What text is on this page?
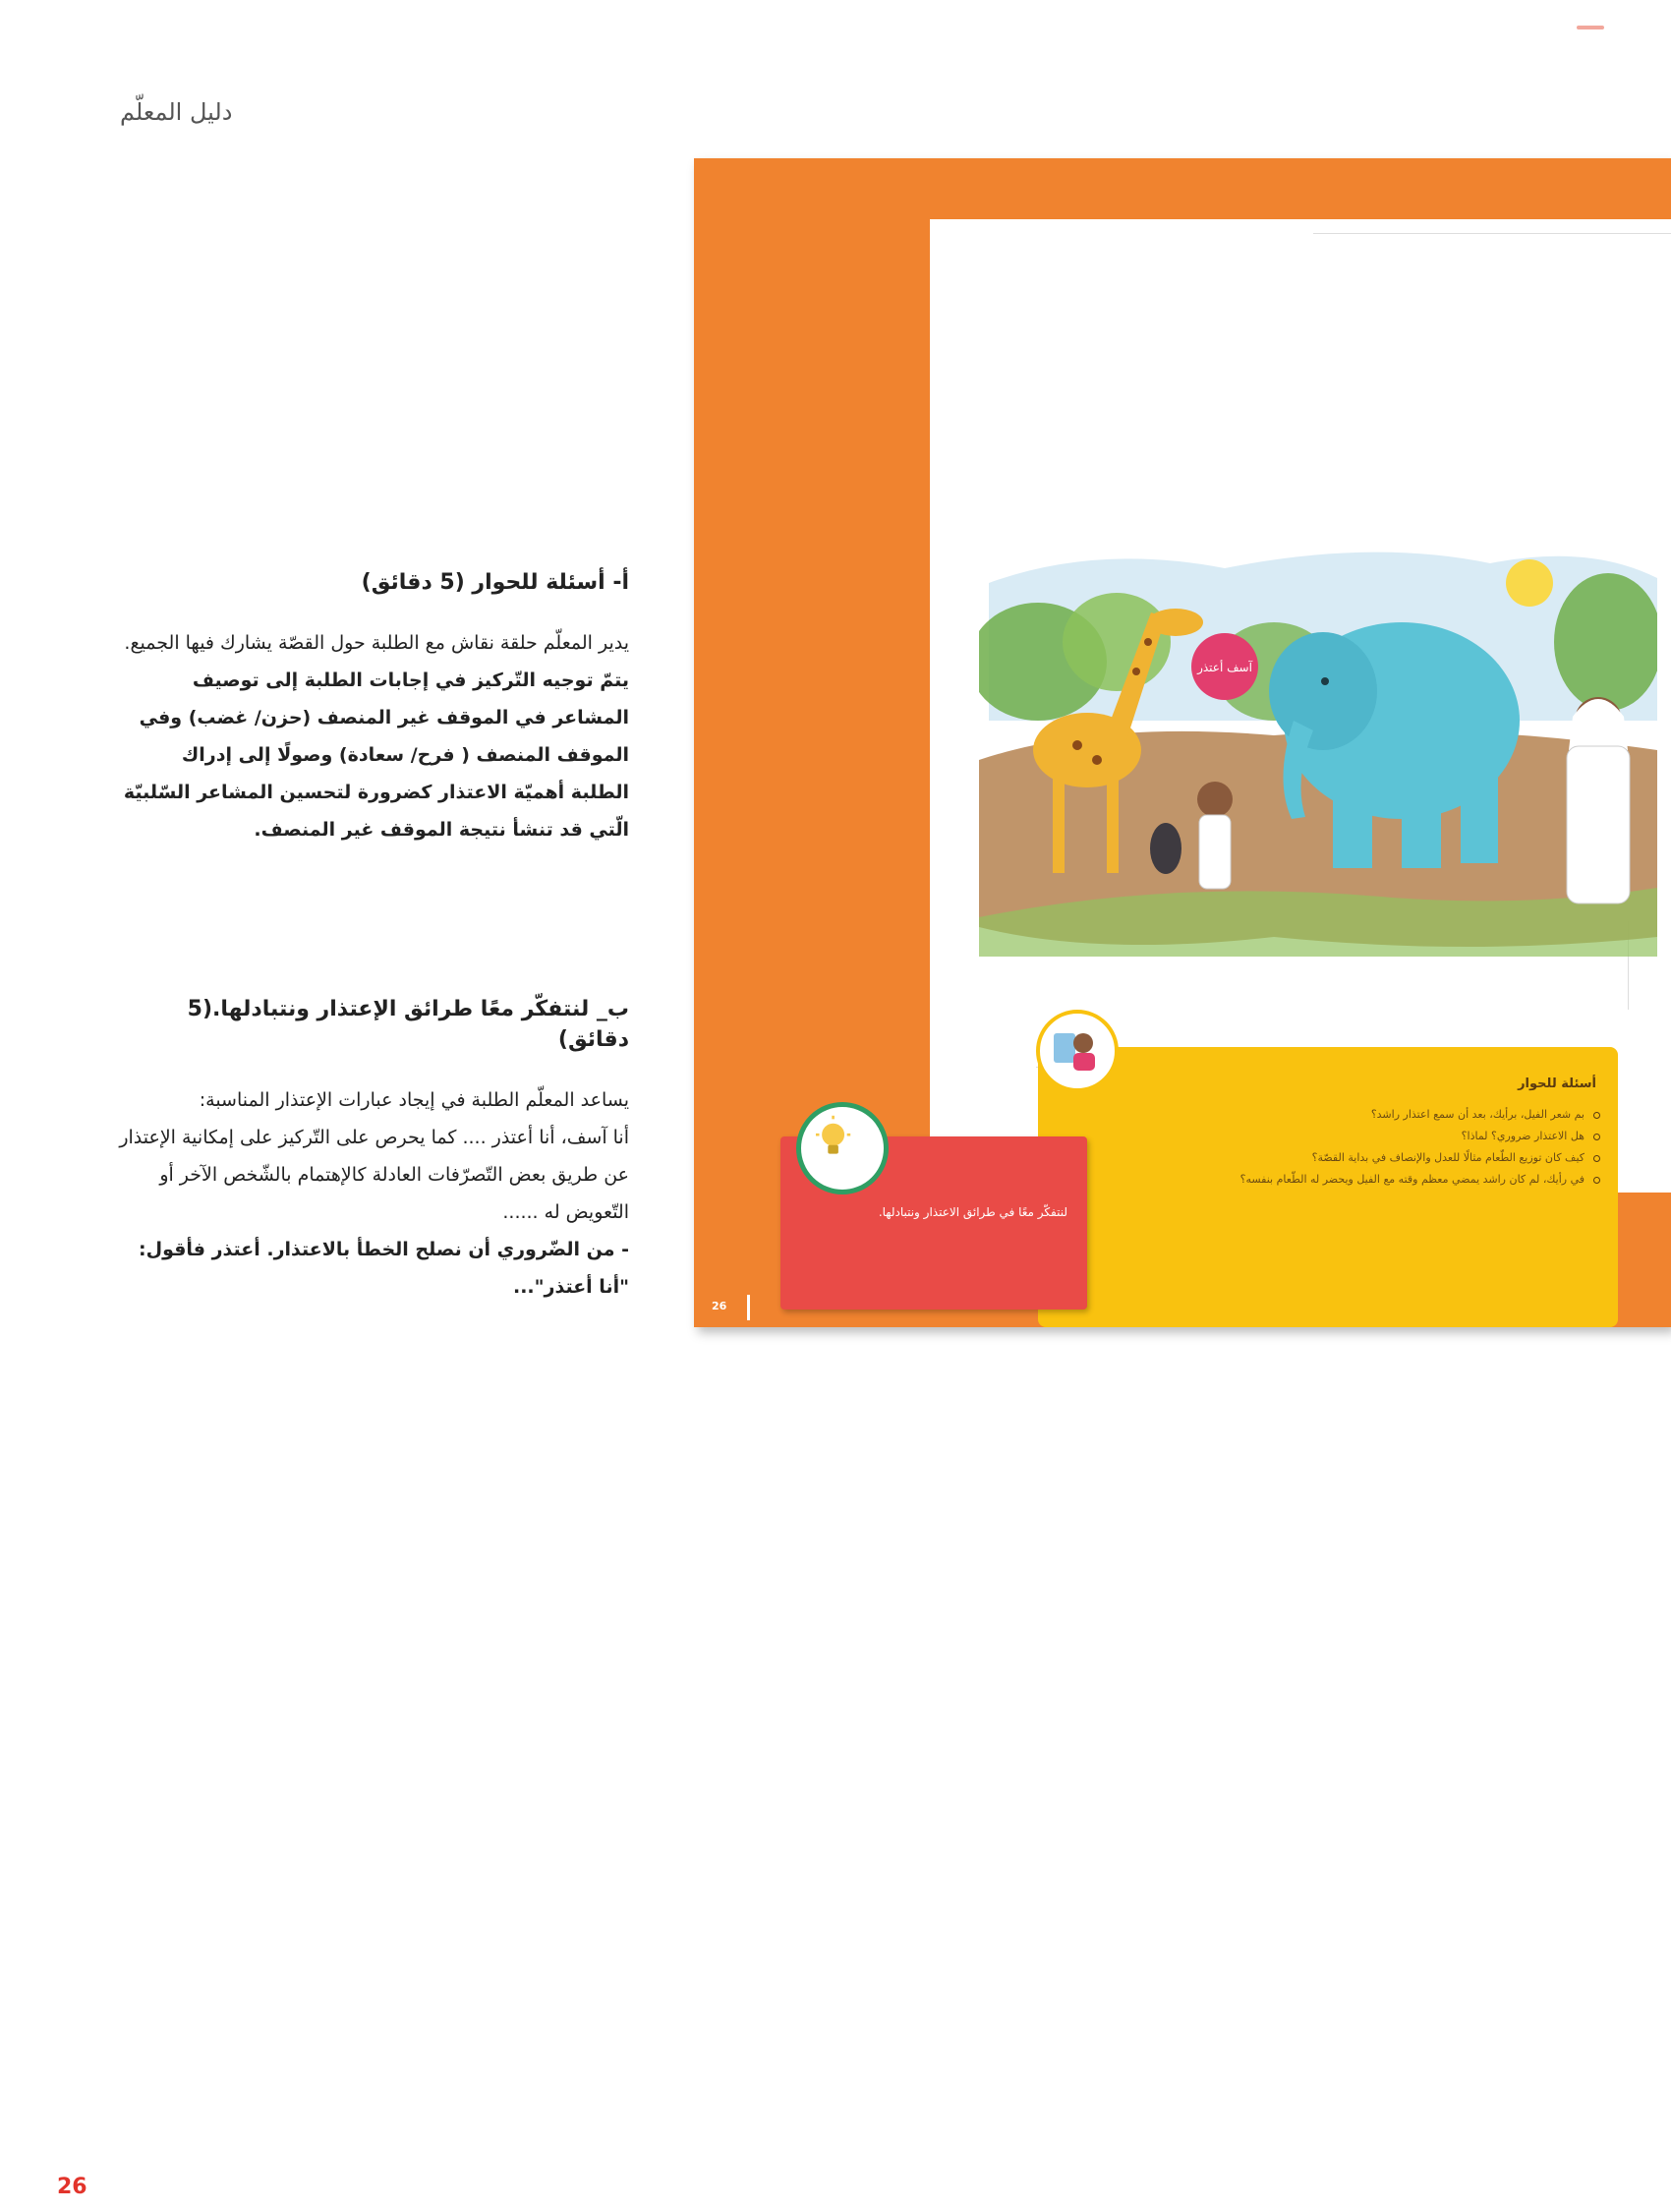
دليل المعلّم

أ- أسئلة للحوار (5 دقائق)

يدير المعلّم حلقة نقاش مع الطلبة حول القصّة يشارك فيها الجميع.

يتمّ توجيه التّركيز في إجابات الطلبة إلى توصيف المشاعر في الموقف غير المنصف (حزن/ غضب) وفي الموقف المنصف ( فرح/ سعادة) وصولًا إلى إدراك الطلبة أهميّة الاعتذار كضرورة لتحسين المشاعر السّلبيّة الّتي قد تنشأ نتيجة الموقف غير المنصف.

ب_ لنتفكّر معًا طرائق الإعتذار ونتبادلها.(5 دقائق)

يساعد المعلّم الطلبة في إيجاد عبارات الإعتذار المناسبة:

أنا آسف، أنا أعتذر .... كما يحرص على التّركيز على إمكانية الإعتذار عن طريق بعض التّصرّفات العادلة كالإهتمام بالشّخص الآخر أو التّعويض له ......

- من الضّروري أن نصلح الخطأ بالاعتذار. أعتذر فأقول: "أنا أعتذر"...

آسف أعتذر
أسئلة للحوار
بم شعر الفيل، برأيك، بعد أن سمع اعتذار راشد؟
هل الاعتذار ضروري؟ لماذا؟
كيف كان توزيع الطّعام مثالًا للعدل والإنصاف في بداية القصّة؟
في رأيك، لم كان راشد يمضي معظم وقته مع الفيل ويحضر له الطّعام بنفسه؟
لنتفكّر معًا في طرائق الاعتذار ونتبادلها.
26
26
